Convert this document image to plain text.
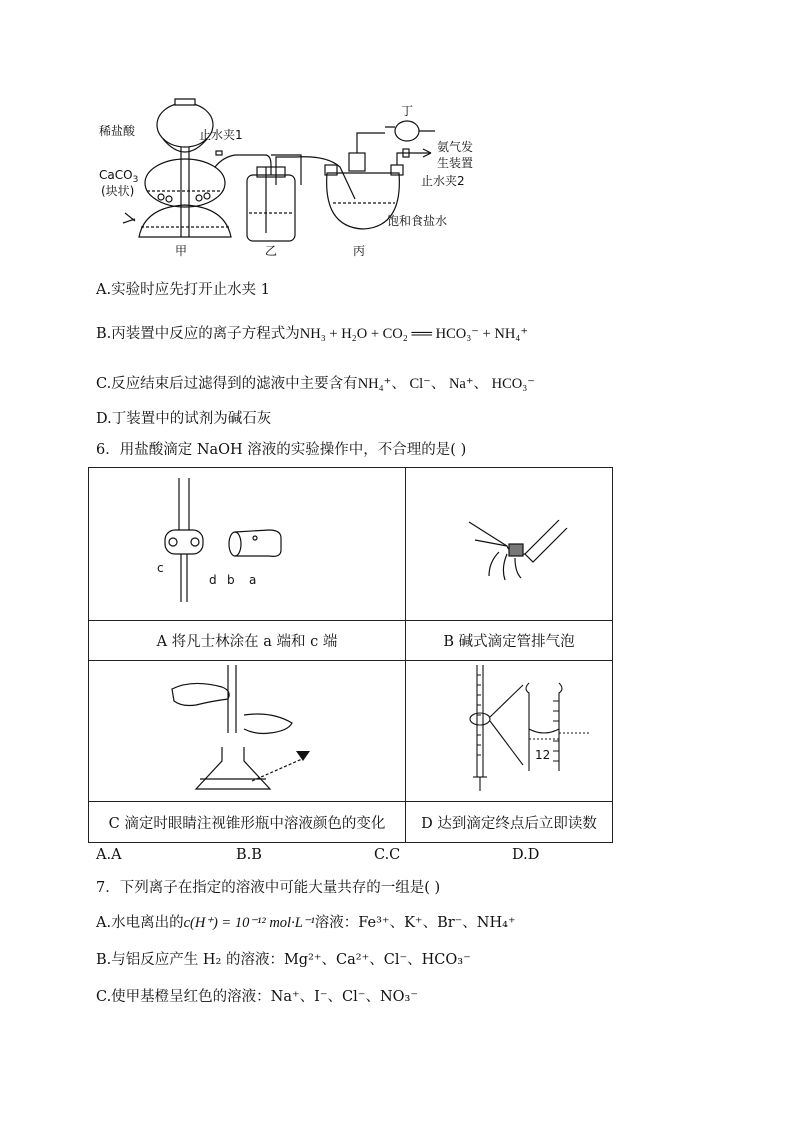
稀盐酸
CaCO$_3$
(块状)
止水夹1
丁
氨气发
生装置
止水夹2
饱和食盐水
甲	乙	丙
A.实验时应先打开止水夹 1
B.丙装置中反应的离子方程式为NH₃ + H₂O + CO₂ ══ HCO₃⁻ + NH₄⁺
C.反应结束后过滤得到的滤液中主要含有NH₄⁺、 Cl⁻、 Na⁺、 HCO₃⁻
D.丁装置中的试剂为碱石灰
6．用盐酸滴定 NaOH 溶液的实验操作中，不合理的是( )
c
d b a

A 将凡士林涂在 a 端和 c 端	B 碱式滴定管排气泡

12

C 滴定时眼睛注视锥形瓶中溶液颜色的变化	D 达到滴定终点后立即读数
A.A	B.B	C.C	D.D
7．下列离子在指定的溶液中可能大量共存的一组是( )
A.水电离出的c(H⁺) = 10⁻¹² mol·L⁻¹溶液：Fe³⁺、K⁺、Br⁻、NH₄⁺
B.与铝反应产生 H₂ 的溶液：Mg²⁺、Ca²⁺、Cl⁻、HCO₃⁻
C.使甲基橙呈红色的溶液：Na⁺、I⁻、Cl⁻、NO₃⁻
